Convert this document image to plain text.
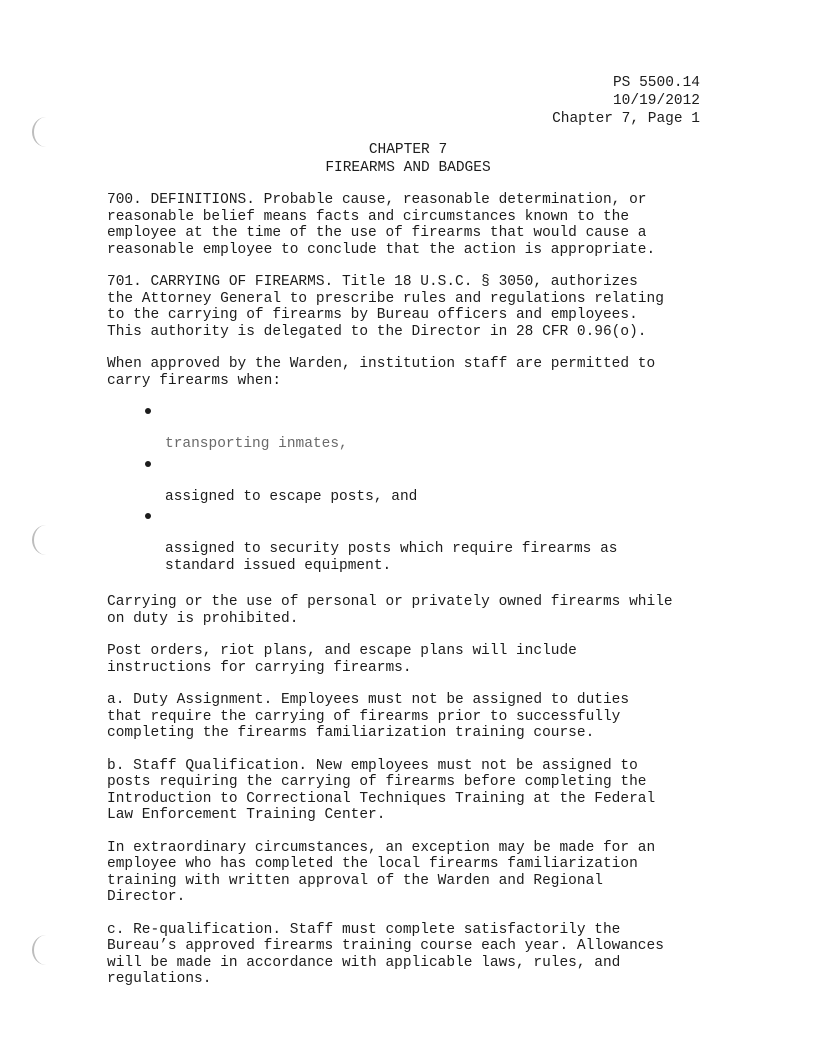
PS 5500.14
10/19/2012
Chapter 7, Page 1
CHAPTER 7
FIREARMS AND BADGES

700. DEFINITIONS. Probable cause, reasonable determination, or
reasonable belief means facts and circumstances known to the
employee at the time of the use of firearms that would cause a
reasonable employee to conclude that the action is appropriate.

701. CARRYING OF FIREARMS. Title 18 U.S.C. § 3050, authorizes
the Attorney General to prescribe rules and regulations relating
to the carrying of firearms by Bureau officers and employees.
This authority is delegated to the Director in 28 CFR 0.96(o).

When approved by the Warden, institution staff are permitted to
carry firearms when:

transporting inmates,

assigned to escape posts, and

assigned to security posts which require firearms as
standard issued equipment.

Carrying or the use of personal or privately owned firearms while
on duty is prohibited.

Post orders, riot plans, and escape plans will include
instructions for carrying firearms.

a. Duty Assignment. Employees must not be assigned to duties
that require the carrying of firearms prior to successfully
completing the firearms familiarization training course.

b. Staff Qualification. New employees must not be assigned to
posts requiring the carrying of firearms before completing the
Introduction to Correctional Techniques Training at the Federal
Law Enforcement Training Center.

In extraordinary circumstances, an exception may be made for an
employee who has completed the local firearms familiarization
training with written approval of the Warden and Regional
Director.

c. Re-qualification. Staff must complete satisfactorily the
Bureau’s approved firearms training course each year. Allowances
will be made in accordance with applicable laws, rules, and
regulations.
